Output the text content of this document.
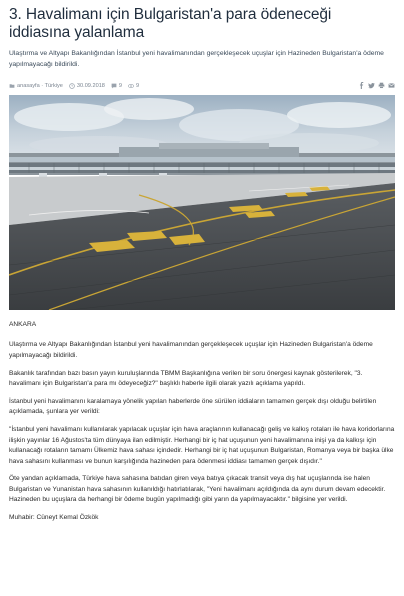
3. Havalimanı için Bulgaristan'a para ödeneceği iddiasına yalanlama

Ulaştırma ve Altyapı Bakanlığından İstanbul yeni havalimanından gerçekleşecek uçuşlar için Hazineden Bulgaristan'a ödeme yapılmayacağı bildirildi.

anasayfa · Türkiye	30.09.2018	9	9

ANKARA

Ulaştırma ve Altyapı Bakanlığından İstanbul yeni havalimanından gerçekleşecek uçuşlar için Hazineden Bulgaristan'a ödeme yapılmayacağı bildirildi.

Bakanlık tarafından bazı basın yayın kuruluşlarında TBMM Başkanlığına verilen bir soru önergesi kaynak gösterilerek, "3. havalimanı için Bulgaristan'a para mı ödeyeceğiz?" başlıklı haberle ilgili olarak yazılı açıklama yapıldı.

İstanbul yeni havalimanını karalamaya yönelik yapılan haberlerde öne sürülen iddiaların tamamen gerçek dışı olduğu belirtilen açıklamada, şunlara yer verildi:

"İstanbul yeni havalimanı kullanılarak yapılacak uçuşlar için hava araçlarının kullanacağı geliş ve kalkış rotaları ile hava koridorlarına ilişkin yayınlar 16 Ağustos'ta tüm dünyaya ilan edilmiştir. Herhangi bir iç hat uçuşunun yeni havalimanına inişi ya da kalkışı için kullanacağı rotaların tamamı Ülkemiz hava sahası içindedir. Herhangi bir iç hat uçuşunun Bulgaristan, Romanya veya bir başka ülke hava sahasını kullanması ve bunun karşılığında hazineden para ödenmesi iddiası tamamen gerçek dışıdır."

Öte yandan açıklamada, Türkiye hava sahasına batıdan giren veya batıya çıkacak transit veya dış hat uçuşlarında ise halen Bulgaristan ve Yunanistan hava sahasının kullanıldığı hatırlatılarak, "Yeni havalimanı açıldığında da aynı durum devam edecektir. Hazineden bu uçuşlara da herhangi bir ödeme bugün yapılmadığı gibi yarın da yapılmayacaktır." bilgisine yer verildi.

Muhabir: Cüneyt Kemal Özkök
